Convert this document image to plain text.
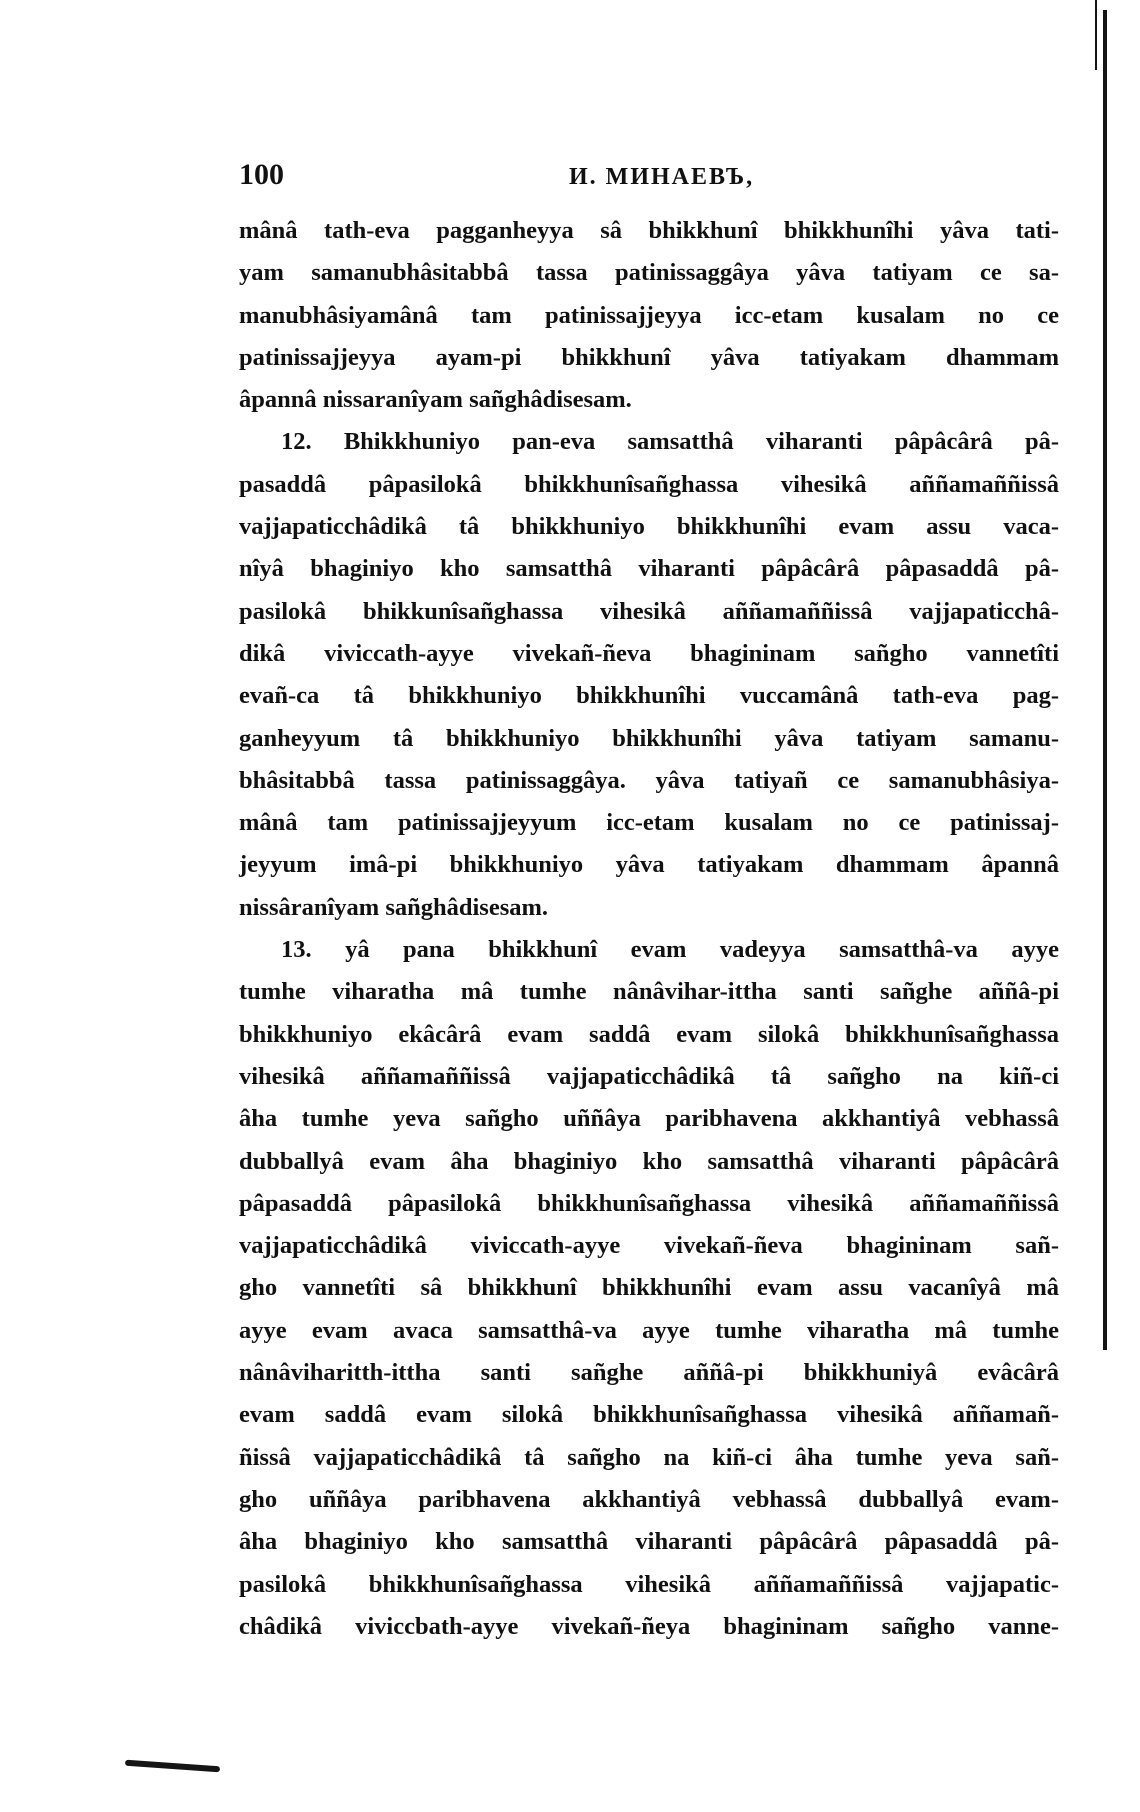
100	И. МИНАЕВЪ,
mânâ tath-eva pagganheyya sâ bhikkhunî bhikkhunîhi yâva tati-
yam samanubhâsitabbâ tassa patinissaggâya yâva tatiyam ce sa-
manubhâsiyamânâ tam patinissajjeyya icc-etam kusalam no ce
patinissajjeyya ayam-pi bhikkhunî yâva tatiyakam dhammam
âpannâ nissaranîyam sañghâdisesam.
12. Bhikkhuniyo pan-eva samsatthâ viharanti pâpâcârâ pâ-
pasaddâ pâpasilokâ bhikkhunîsañghassa vihesikâ aññamaññissâ
vajjapaticchâdikâ tâ bhikkhuniyo bhikkhunîhi evam assu vaca-
nîyâ bhaginiyo kho samsatthâ viharanti pâpâcârâ pâpasaddâ pâ-
pasilokâ bhikkunîsañghassa vihesikâ aññamaññissâ vajjapaticchâ-
dikâ viviccath-ayye vivekañ-ñeva bhagininam sañgho vannetîti
evañ-ca tâ bhikkhuniyo bhikkhunîhi vuccamânâ tath-eva pag-
ganheyyum tâ bhikkhuniyo bhikkhunîhi yâva tatiyam samanu-
bhâsitabbâ tassa patinissaggâya. yâva tatiyañ ce samanubhâsiya-
mânâ tam patinissajjeyyum icc-etam kusalam no ce patinissaj-
jeyyum imâ-pi bhikkhuniyo yâva tatiyakam dhammam âpannâ
nissâranîyam sañghâdisesam.
13. yâ pana bhikkhunî evam vadeyya samsatthâ-va ayye
tumhe viharatha mâ tumhe nânâvihar-ittha santi sañghe aññâ-pi
bhikkhuniyo ekâcârâ evam saddâ evam silokâ bhikkhunîsañghassa
vihesikâ aññamaññissâ vajjapaticchâdikâ tâ sañgho na kiñ-ci
âha tumhe yeva sañgho uññâya paribhavena akkhantiyâ vebhassâ
dubballyâ evam âha bhaginiyo kho samsatthâ viharanti pâpâcârâ
pâpasaddâ pâpasilokâ bhikkhunîsañghassa vihesikâ aññamaññissâ
vajjapaticchâdikâ viviccath-ayye vivekañ-ñeva bhagininam sañ-
gho vannetîti sâ bhikkhunî bhikkhunîhi evam assu vacanîyâ mâ
ayye evam avaca samsatthâ-va ayye tumhe viharatha mâ tumhe
nânâviharitth-ittha santi sañghe aññâ-pi bhikkhuniyâ evâcârâ
evam saddâ evam silokâ bhikkhunîsañghassa vihesikâ aññamañ-
ñissâ vajjapaticchâdikâ tâ sañgho na kiñ-ci âha tumhe yeva sañ-
gho uññâya paribhavena akkhantiyâ vebhassâ dubballyâ evam-
âha bhaginiyo kho samsatthâ viharanti pâpâcârâ pâpasaddâ pâ-
pasilokâ bhikkhunîsañghassa vihesikâ aññamaññissâ vajjapatic-
châdikâ viviccbath-ayye vivekañ-ñeya bhagininam sañgho vanne-
